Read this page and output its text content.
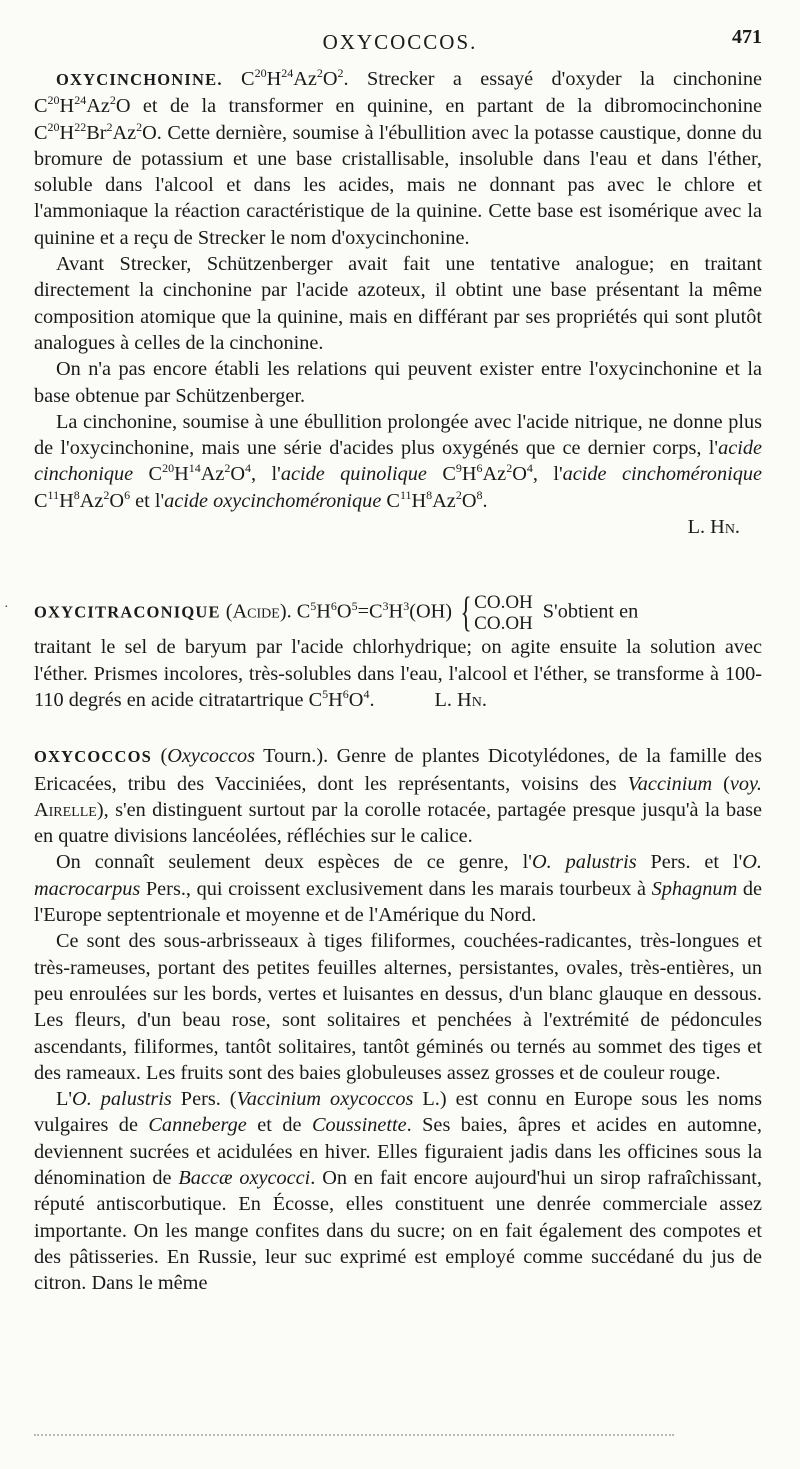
OXYCOCCOS.	471
·

OXYCINCHONINE. $C^{20}H^{24}Az^2O^2$. Strecker a essayé d'oxyder la cinchonine $C^{20}H^{24}Az^2O$ et de la transformer en quinine, en partant de la dibromocinchonine $C^{20}H^{22}Br^2Az^2O$. Cette dernière, soumise à l'ébullition avec la potasse caustique, donne du bromure de potassium et une base cristallisable, insoluble dans l'eau et dans l'éther, soluble dans l'alcool et dans les acides, mais ne donnant pas avec le chlore et l'ammoniaque la réaction caractéristique de la quinine. Cette base est isomérique avec la quinine et a reçu de Strecker le nom d'oxycinchonine.

Avant Strecker, Schützenberger avait fait une tentative analogue; en traitant directement la cinchonine par l'acide azoteux, il obtint une base présentant la même composition atomique que la quinine, mais en différant par ses propriétés qui sont plutôt analogues à celles de la cinchonine.

On n'a pas encore établi les relations qui peuvent exister entre l'oxycinchonine et la base obtenue par Schützenberger.

La cinchonine, soumise à une ébullition prolongée avec l'acide nitrique, ne donne plus de l'oxycinchonine, mais une série d'acides plus oxygénés que ce dernier corps, l'acide cinchonique $C^{20}H^{14}Az^2O^4$, l'acide quinolique $C^9H^6Az^2O^4$, l'acide cinchoméronique $C^{11}H^8Az^2O^6$ et l'acide oxycinchoméronique $C^{11}H^8Az^2O^8$.

L. Hn.

OXYCITRACONIQUE (Acide). $C^5H^6O^5=C^3H^3(OH)$ { CO.OH
CO.OHS'obtient en

traitant le sel de baryum par l'acide chlorhydrique; on agite ensuite la solution avec l'éther. Prismes incolores, très-solubles dans l'eau, l'alcool et l'éther, se transforme à 100-110 degrés en acide citratartrique $C^5H^6O^4$.	L. Hn.

OXYCOCCOS (Oxycoccos Tourn.). Genre de plantes Dicotylédones, de la famille des Ericacées, tribu des Vacciniées, dont les représentants, voisins des Vaccinium (voy. Airelle), s'en distinguent surtout par la corolle rotacée, partagée presque jusqu'à la base en quatre divisions lancéolées, réfléchies sur le calice.

On connaît seulement deux espèces de ce genre, l'O. palustris Pers. et l'O. macrocarpus Pers., qui croissent exclusivement dans les marais tourbeux à Sphagnum de l'Europe septentrionale et moyenne et de l'Amérique du Nord.

Ce sont des sous-arbrisseaux à tiges filiformes, couchées-radicantes, très-longues et très-rameuses, portant des petites feuilles alternes, persistantes, ovales, très-entières, un peu enroulées sur les bords, vertes et luisantes en dessus, d'un blanc glauque en dessous. Les fleurs, d'un beau rose, sont solitaires et penchées à l'extrémité de pédoncules ascendants, filiformes, tantôt solitaires, tantôt géminés ou ternés au sommet des tiges et des rameaux. Les fruits sont des baies globuleuses assez grosses et de couleur rouge.

L'O. palustris Pers. (Vaccinium oxycoccos L.) est connu en Europe sous les noms vulgaires de Canneberge et de Coussinette. Ses baies, âpres et acides en automne, deviennent sucrées et acidulées en hiver. Elles figuraient jadis dans les officines sous la dénomination de Baccæ oxycocci. On en fait encore aujourd'hui un sirop rafraîchissant, réputé antiscorbutique. En Écosse, elles constituent une denrée commerciale assez importante. On les mange confites dans du sucre; on en fait également des compotes et des pâtisseries. En Russie, leur suc exprimé est employé comme succédané du jus de citron. Dans le même
